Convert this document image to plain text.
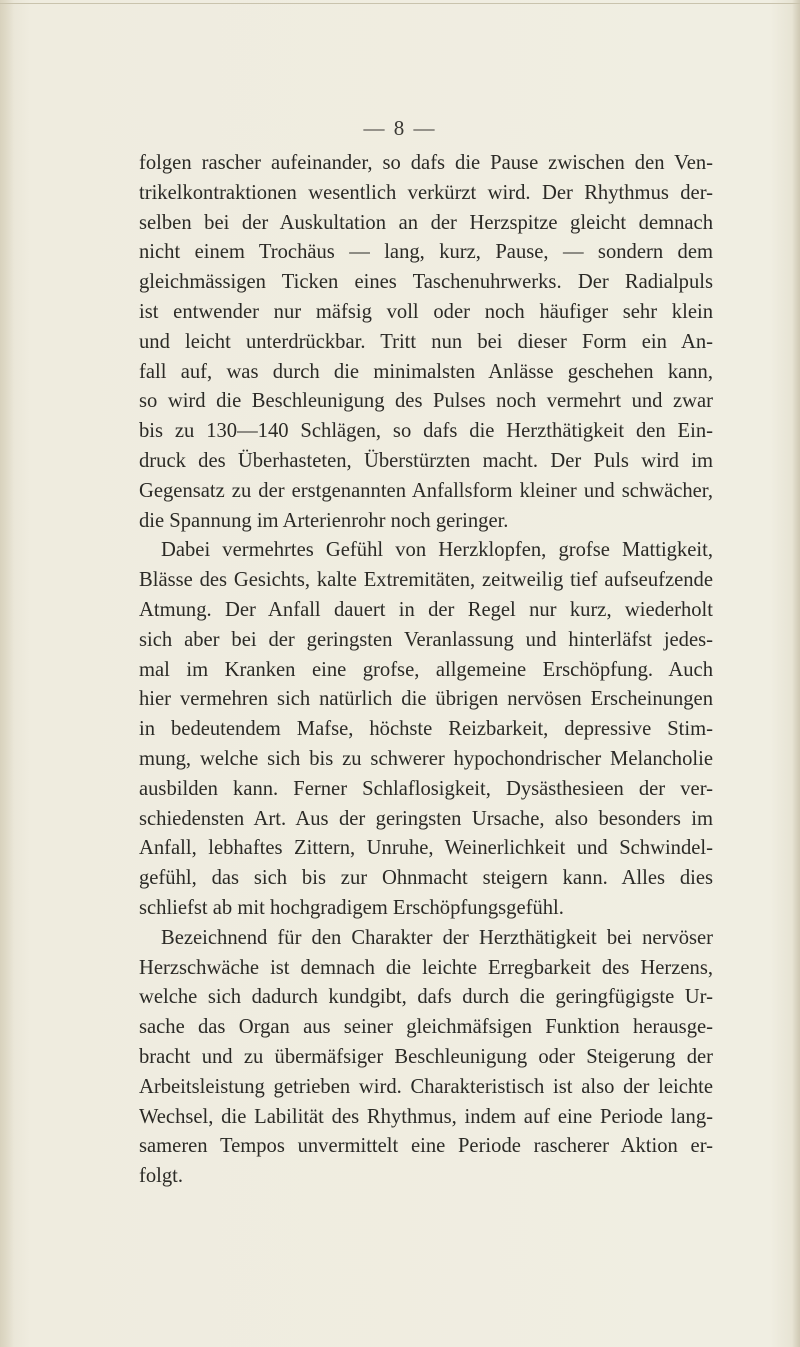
— 8 —
folgen rascher aufeinander, so dafs die Pause zwischen den Ven-
trikelkontraktionen wesentlich verkürzt wird. Der Rhythmus der-
selben bei der Auskultation an der Herzspitze gleicht demnach
nicht einem Trochäus — lang, kurz, Pause, — sondern dem
gleichmässigen Ticken eines Taschenuhrwerks. Der Radialpuls
ist entwender nur mäfsig voll oder noch häufiger sehr klein
und leicht unterdrückbar. Tritt nun bei dieser Form ein An-
fall auf, was durch die minimalsten Anlässe geschehen kann,
so wird die Beschleunigung des Pulses noch vermehrt und zwar
bis zu 130—140 Schlägen, so dafs die Herzthätigkeit den Ein-
druck des Überhasteten, Überstürzten macht. Der Puls wird im
Gegensatz zu der erstgenannten Anfallsform kleiner und schwächer,
die Spannung im Arterienrohr noch geringer.
Dabei vermehrtes Gefühl von Herzklopfen, grofse Mattigkeit,
Blässe des Gesichts, kalte Extremitäten, zeitweilig tief aufseufzende
Atmung. Der Anfall dauert in der Regel nur kurz, wiederholt
sich aber bei der geringsten Veranlassung und hinterläfst jedes-
mal im Kranken eine grofse, allgemeine Erschöpfung. Auch
hier vermehren sich natürlich die übrigen nervösen Erscheinungen
in bedeutendem Mafse, höchste Reizbarkeit, depressive Stim-
mung, welche sich bis zu schwerer hypochondrischer Melancholie
ausbilden kann. Ferner Schlaflosigkeit, Dysästhesieen der ver-
schiedensten Art. Aus der geringsten Ursache, also besonders im
Anfall, lebhaftes Zittern, Unruhe, Weinerlichkeit und Schwindel-
gefühl, das sich bis zur Ohnmacht steigern kann. Alles dies
schliefst ab mit hochgradigem Erschöpfungsgefühl.
Bezeichnend für den Charakter der Herzthätigkeit bei nervöser
Herzschwäche ist demnach die leichte Erregbarkeit des Herzens,
welche sich dadurch kundgibt, dafs durch die geringfügigste Ur-
sache das Organ aus seiner gleichmäfsigen Funktion herausge-
bracht und zu übermäfsiger Beschleunigung oder Steigerung der
Arbeitsleistung getrieben wird. Charakteristisch ist also der leichte
Wechsel, die Labilität des Rhythmus, indem auf eine Periode lang-
sameren Tempos unvermittelt eine Periode rascherer Aktion er-
folgt.
